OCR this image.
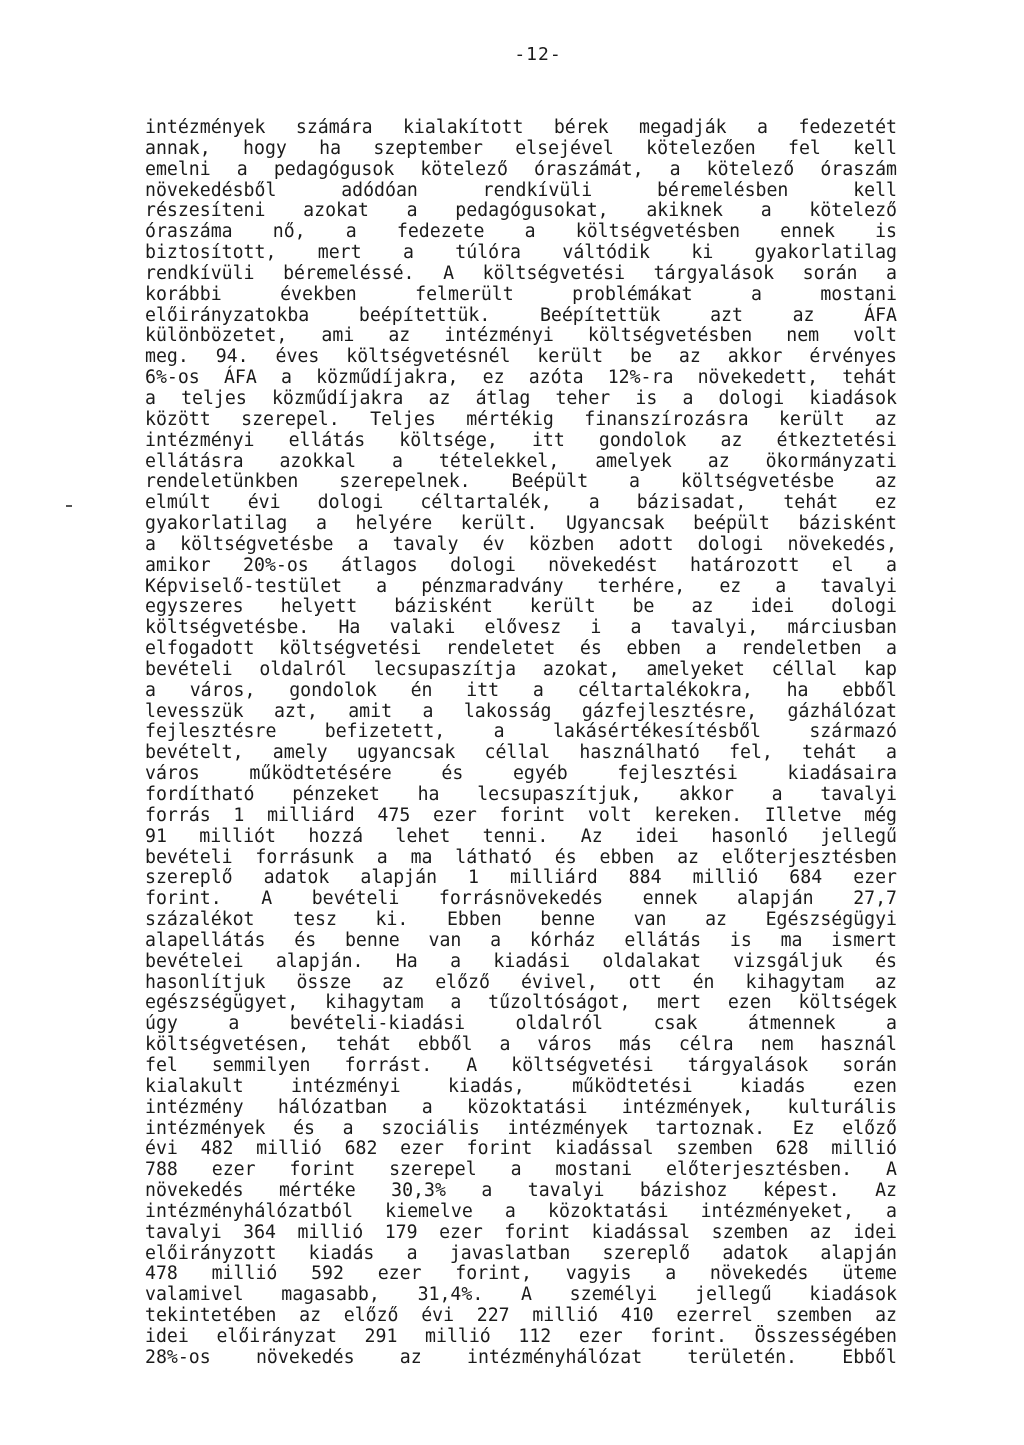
-12-
intézmények számára kialakított bérek megadják a fedezetét
annak, hogy ha szeptember elsejével kötelezően fel kell
emelni a pedagógusok kötelező óraszámát, a kötelező óraszám
növekedésből adódóan rendkívüli béremelésben kell
részesíteni azokat a pedagógusokat, akiknek a kötelező
óraszáma nő, a fedezete a költségvetésben ennek is
biztosított, mert a túlóra váltódik ki gyakorlatilag
rendkívüli béremeléssé. A költségvetési tárgyalások során a
korábbi években felmerült problémákat a mostani
előirányzatokba beépítettük. Beépítettük azt az ÁFA
különbözetet, ami az intézményi költségvetésben nem volt
meg. 94. éves költségvetésnél került be az akkor érvényes
6%-os ÁFA a közműdíjakra, ez azóta 12%-ra növekedett, tehát
a teljes közműdíjakra az átlag teher is a dologi kiadások
között szerepel. Teljes mértékig finanszírozásra került az
intézményi ellátás költsége, itt gondolok az étkeztetési
ellátásra azokkal a tételekkel, amelyek az ökormányzati
rendeletünkben szerepelnek. Beépült a költségvetésbe az
elmúlt évi dologi céltartalék, a bázisadat, tehát ez
gyakorlatilag a helyére került. Ugyancsak beépült bázisként
a költségvetésbe a tavaly év közben adott dologi növekedés,
amikor 20%-os átlagos dologi növekedést határozott el a
Képviselő-testület a pénzmaradvány terhére, ez a tavalyi
egyszeres helyett bázisként került be az idei dologi
költségvetésbe. Ha valaki elővesz i a tavalyi, márciusban
elfogadott költségvetési rendeletet és ebben a rendeletben a
bevételi oldalról lecsupaszítja azokat, amelyeket céllal kap
a város, gondolok én itt a céltartalékokra, ha ebből
levesszük azt, amit a lakosság gázfejlesztésre, gázhálózat
fejlesztésre befizetett, a lakásértékesítésből származó
bevételt, amely ugyancsak céllal használható fel, tehát a
város működtetésére és egyéb fejlesztési kiadásaira
fordítható pénzeket ha lecsupaszítjuk, akkor a tavalyi
forrás 1 milliárd 475 ezer forint volt kereken. Illetve még
91 milliót hozzá lehet tenni. Az idei hasonló jellegű
bevételi forrásunk a ma látható és ebben az előterjesztésben
szereplő adatok alapján 1 milliárd 884 millió 684 ezer
forint. A bevételi forrásnövekedés ennek alapján 27,7
százalékot tesz ki. Ebben benne van az Egészségügyi
alapellátás és benne van a kórház ellátás is ma ismert
bevételei alapján. Ha a kiadási oldalakat vizsgáljuk és
hasonlítjuk össze az előző évivel, ott én kihagytam az
egészségügyet, kihagytam a tűzoltóságot, mert ezen költségek
úgy a bevételi-kiadási oldalról csak átmennek a
költségvetésen, tehát ebből a város más célra nem használ
fel semmilyen forrást. A költségvetési tárgyalások során
kialakult intézményi kiadás, működtetési kiadás ezen
intézmény hálózatban a közoktatási intézmények, kulturális
intézmények és a szociális intézmények tartoznak. Ez előző
évi 482 millió 682 ezer forint kiadással szemben 628 millió
788 ezer forint szerepel a mostani előterjesztésben. A
növekedés mértéke 30,3% a tavalyi bázishoz képest. Az
intézményhálózatból kiemelve a közoktatási intézményeket, a
tavalyi 364 millió 179 ezer forint kiadással szemben az idei
előirányzott kiadás a javaslatban szereplő adatok alapján
478 millió 592 ezer forint, vagyis a növekedés üteme
valamivel magasabb, 31,4%. A személyi jellegű kiadások
tekintetében az előző évi 227 millió 410 ezerrel szemben az
idei előirányzat 291 millió 112 ezer forint. Összességében
28%-os növekedés az intézményhálózat területén. Ebből
